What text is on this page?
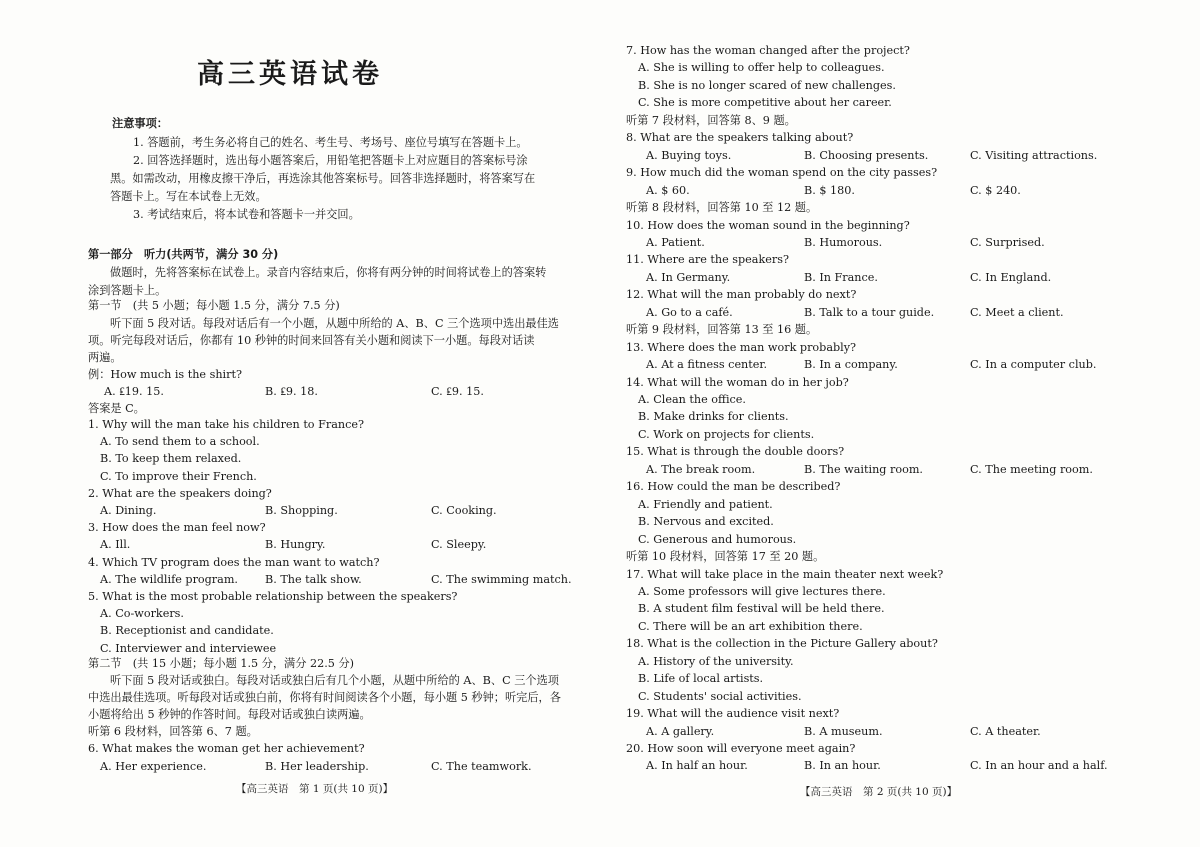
高三英语试卷
注意事项：
1. 答题前，考生务必将自己的姓名、考生号、考场号、座位号填写在答题卡上。
2. 回答选择题时，选出每小题答案后，用铅笔把答题卡上对应题目的答案标号涂
黑。如需改动，用橡皮擦干净后，再选涂其他答案标号。回答非选择题时，将答案写在
答题卡上。写在本试卷上无效。
3. 考试结束后，将本试卷和答题卡一并交回。
第一部分　听力(共两节，满分 30 分)
做题时，先将答案标在试卷上。录音内容结束后，你将有两分钟的时间将试卷上的答案转
涂到答题卡上。
第一节　(共 5 小题；每小题 1.5 分，满分 7.5 分)
听下面 5 段对话。每段对话后有一个小题，从题中所给的 A、B、C 三个选项中选出最佳选
项。听完每段对话后，你都有 10 秒钟的时间来回答有关小题和阅读下一小题。每段对话读
两遍。
例：How much is the shirt?
A. ₤19. 15.	B. ₤9. 18.	C. ₤9. 15.
答案是 C。
1. Why will the man take his children to France?
A. To send them to a school.
B. To keep them relaxed.
C. To improve their French.
2. What are the speakers doing?
A. Dining.	B. Shopping.	C. Cooking.
3. How does the man feel now?
A. Ill.	B. Hungry.	C. Sleepy.
4. Which TV program does the man want to watch?
A. The wildlife program. B. The talk show.	C. The swimming match.
5. What is the most probable relationship between the speakers?
A. Co-workers.
B. Receptionist and candidate.
C. Interviewer and interviewee
第二节　(共 15 小题；每小题 1.5 分，满分 22.5 分)
听下面 5 段对话或独白。每段对话或独白后有几个小题，从题中所给的 A、B、C 三个选项
中选出最佳选项。听每段对话或独白前，你将有时间阅读各个小题，每小题 5 秒钟；听完后，各
小题将给出 5 秒钟的作答时间。每段对话或独白读两遍。
听第 6 段材料，回答第 6、7 题。
6. What makes the woman get her achievement?
A. Her experience.	B. Her leadership.	C. The teamwork.
7. How has the woman changed after the project?
A. She is willing to offer help to colleagues.
B. She is no longer scared of new challenges.
C. She is more competitive about her career.
听第 7 段材料，回答第 8、9 题。
8. What are the speakers talking about?
A. Buying toys.	B. Choosing presents.	C. Visiting attractions.
9. How much did the woman spend on the city passes?
A. $ 60.	B. $ 180.	C. $ 240.
听第 8 段材料，回答第 10 至 12 题。
10. How does the woman sound in the beginning?
A. Patient.	B. Humorous.	C. Surprised.
11. Where are the speakers?
A. In Germany.	B. In France.	C. In England.
12. What will the man probably do next?
A. Go to a café.	B. Talk to a tour guide.	C. Meet a client.
听第 9 段材料，回答第 13 至 16 题。
13. Where does the man work probably?
A. At a fitness center.	B. In a company.	C. In a computer club.
14. What will the woman do in her job?
A. Clean the office.
B. Make drinks for clients.
C. Work on projects for clients.
15. What is through the double doors?
A. The break room.	B. The waiting room.	C. The meeting room.
16. How could the man be described?
A. Friendly and patient.
B. Nervous and excited.
C. Generous and humorous.
听第 10 段材料，回答第 17 至 20 题。
17. What will take place in the main theater next week?
A. Some professors will give lectures there.
B. A student film festival will be held there.
C. There will be an art exhibition there.
18. What is the collection in the Picture Gallery about?
A. History of the university.
B. Life of local artists.
C. Students' social activities.
19. What will the audience visit next?
A. A gallery.	B. A museum.	C. A theater.
20. How soon will everyone meet again?
A. In half an hour.	B. In an hour.	C. In an hour and a half.
【高三英语　第 1 页(共 10 页)】	【高三英语　第 2 页(共 10 页)】
